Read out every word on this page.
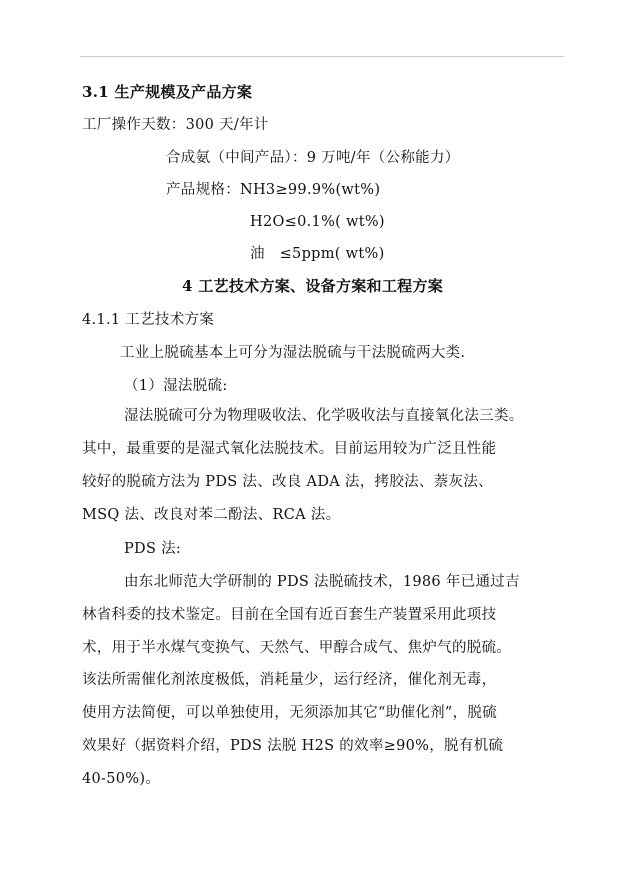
3.1 生产规模及产品方案
工厂操作天数：300 天/年计
合成氨（中间产品）：9 万吨/年（公称能力）
产品规格：NH3≥99.9%(wt%)
H2O≤0.1%( wt%)
油　≤5ppm( wt%)
4 工艺技术方案、设备方案和工程方案
4.1.1 工艺技术方案
工业上脱硫基本上可分为湿法脱硫与干法脱硫两大类.
（1）湿法脱硫:
湿法脱硫可分为物理吸收法、化学吸收法与直接氧化法三类。
其中，最重要的是湿式氧化法脱技术。目前运用较为广泛且性能
较好的脱硫方法为 PDS 法、改良 ADA 法，拷胶法、萘灰法、
MSQ 法、改良对苯二酚法、RCA 法。
PDS 法:
由东北师范大学研制的 PDS 法脱硫技术，1986 年已通过吉
林省科委的技术鉴定。目前在全国有近百套生产装置采用此项技
术，用于半水煤气变换气、天然气、甲醇合成气、焦炉气的脱硫。
该法所需催化剂浓度极低，消耗量少，运行经济，催化剂无毒，
使用方法简便，可以单独使用，无须添加其它“助催化剂”，脱硫
效果好（据资料介绍，PDS 法脱 H2S 的效率≥90%，脱有机硫
40-50%)。
